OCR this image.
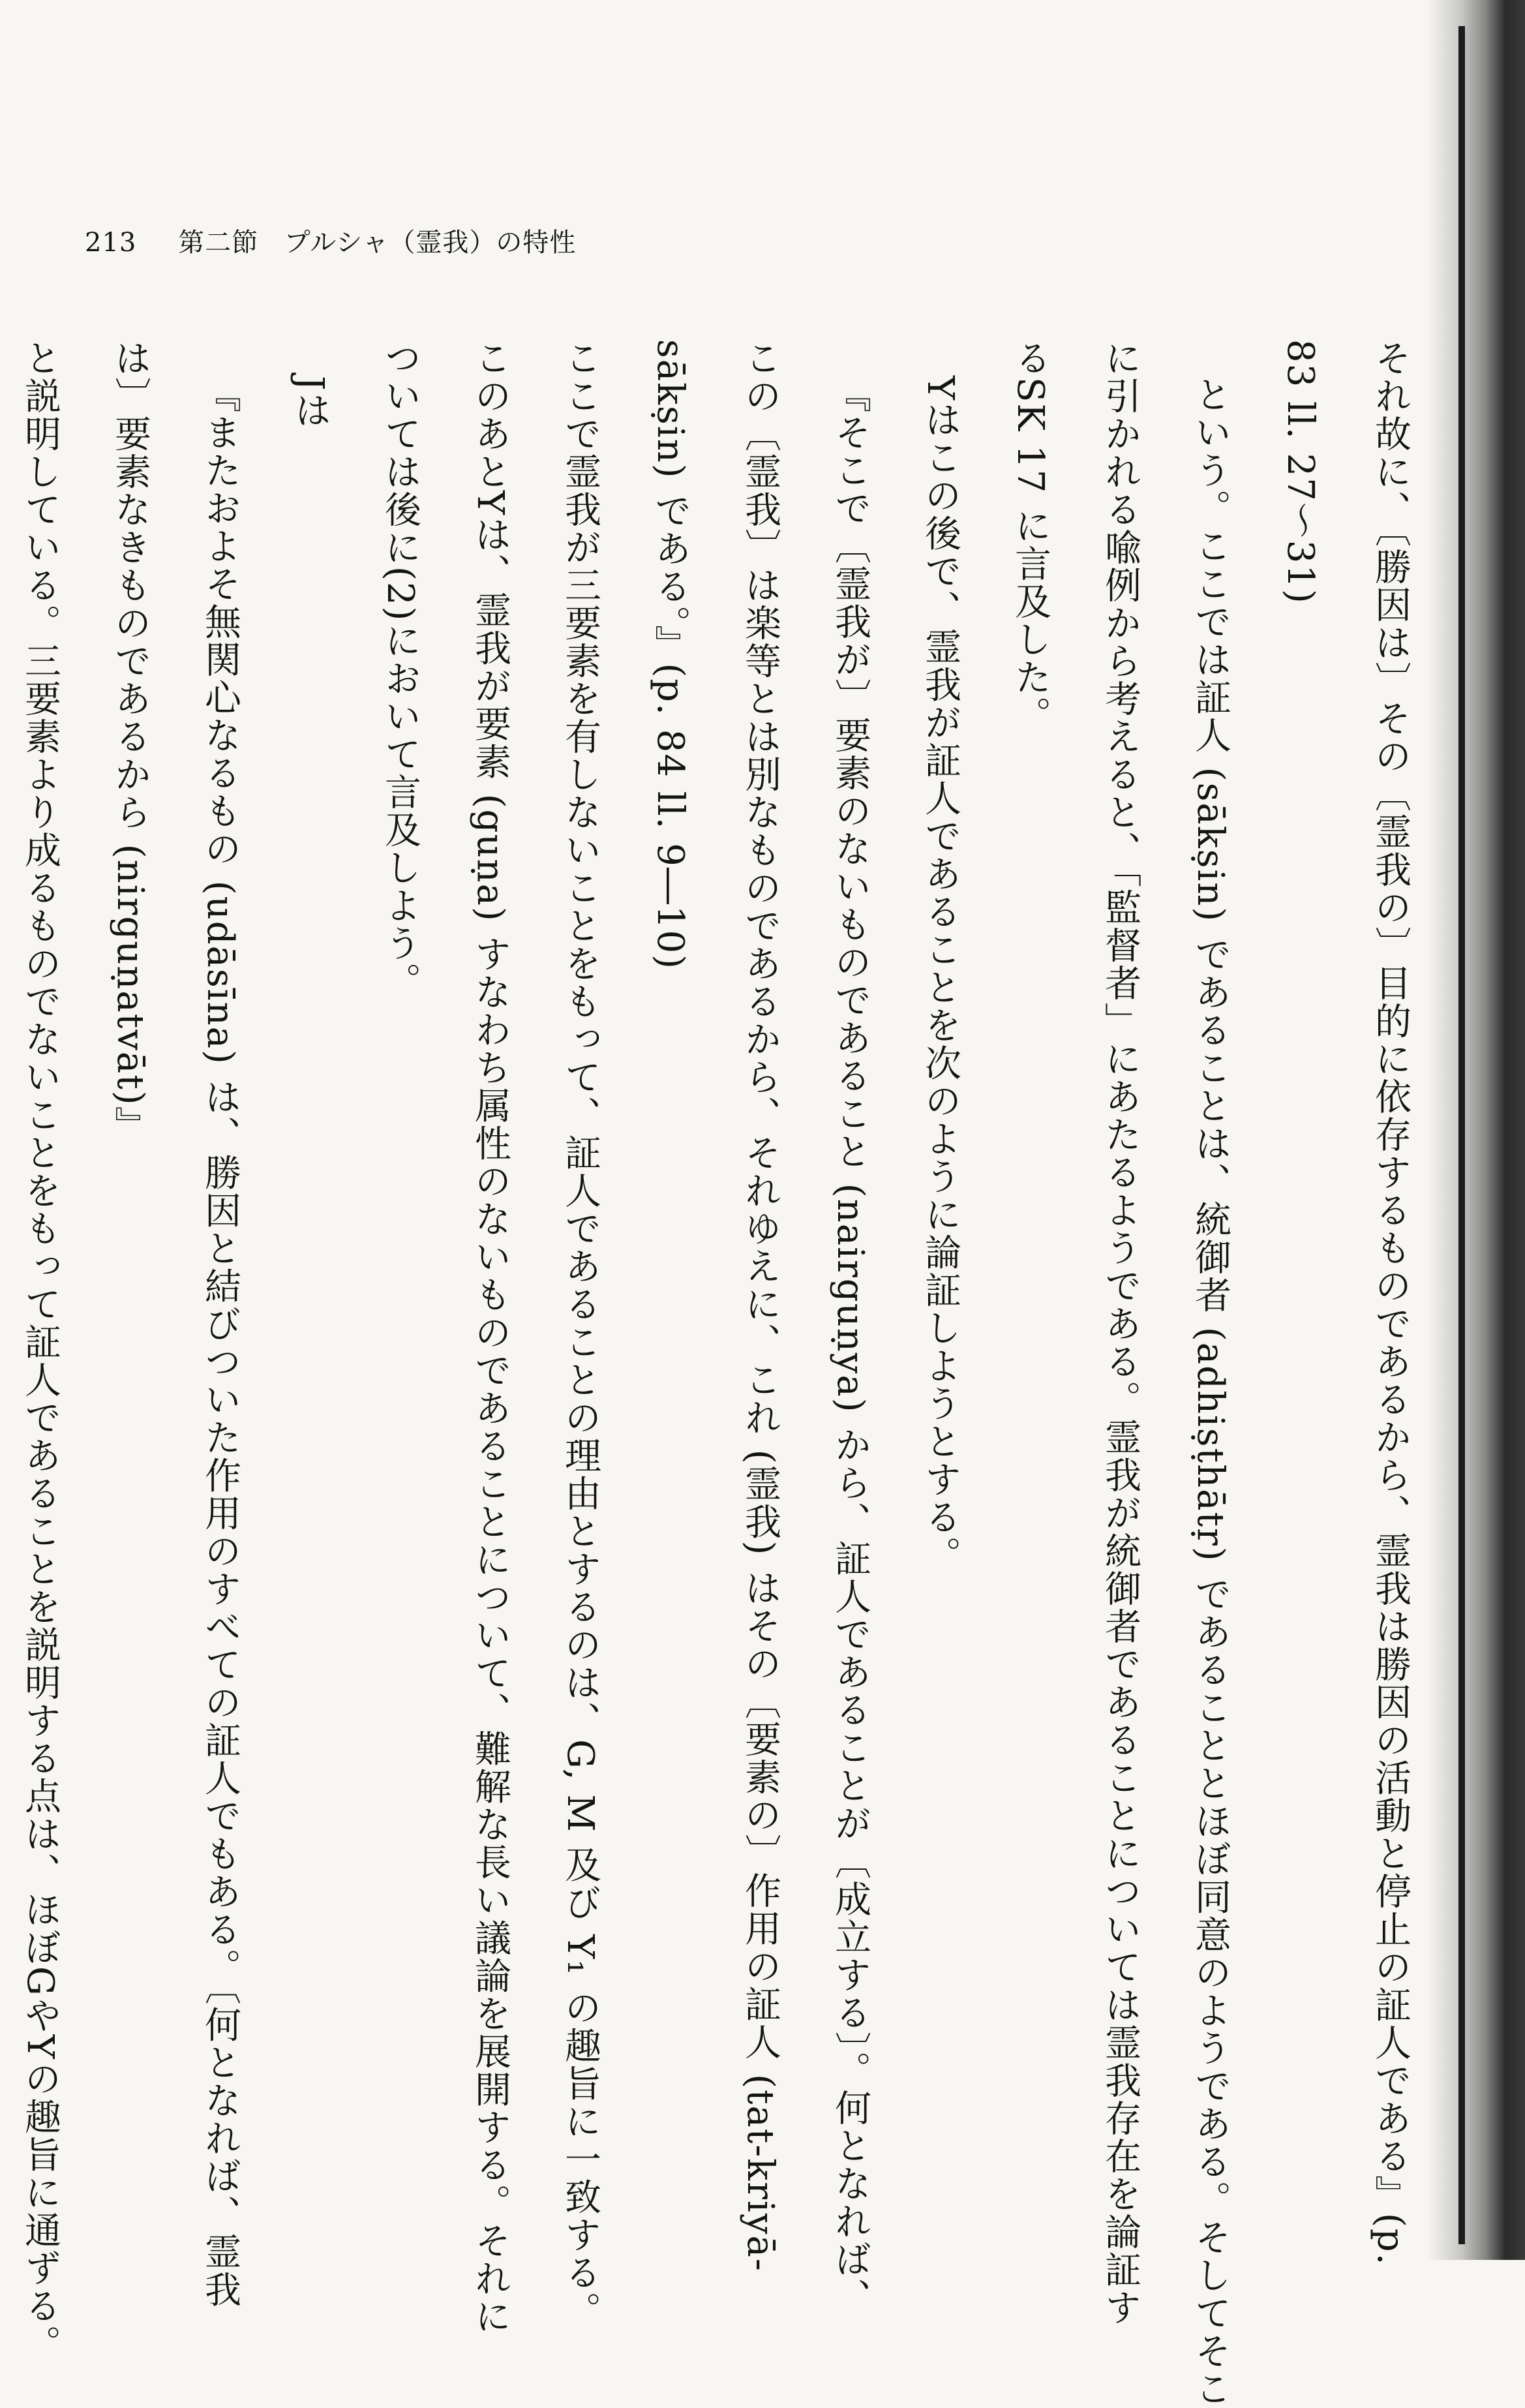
213 第二節 プルシャ（霊我）の特性
それ故に、〔勝因は〕その〔霊我の〕目的に依存するものであるから、霊我は勝因の活動と停止の証人である』(p.
83 ll. 27～31)
という。ここでは証人 (sākṣin) であることは、統御者 (adhiṣṭhātṛ) であることとほぼ同意のようである。そしてそこ
に引かれる喩例から考えると、「監督者」にあたるようである。霊我が統御者であることについては霊我存在を論証す
るSK 17 に言及した。
Yはこの後で、霊我が証人であることを次のように論証しようとする。
『そこで〔霊我が〕要素のないものであること (nairguṇya) から、証人であることが〔成立する〕。何となれば、
この〔霊我〕は楽等とは別なものであるから、それゆえに、これ (霊我) はその〔要素の〕作用の証人 (tat-kriyā-
sākṣin) である。』(p. 84 ll. 9―10)
ここで霊我が三要素を有しないことをもって、証人であることの理由とするのは、G, M 及び Y₁ の趣旨に一致する。
このあとYは、霊我が要素 (guṇa) すなわち属性のないものであることについて、難解な長い議論を展開する。それに
ついては後に(2)において言及しよう。
Jは
『またおよそ無関心なるもの (udāsīna) は、勝因と結びついた作用のすべての証人でもある。〔何となれば、霊我
は〕要素なきものであるから (nirguṇatvāt)』
と説明している。三要素より成るものでないことをもって証人であることを説明する点は、ほぼGやYの趣旨に通ずる。
